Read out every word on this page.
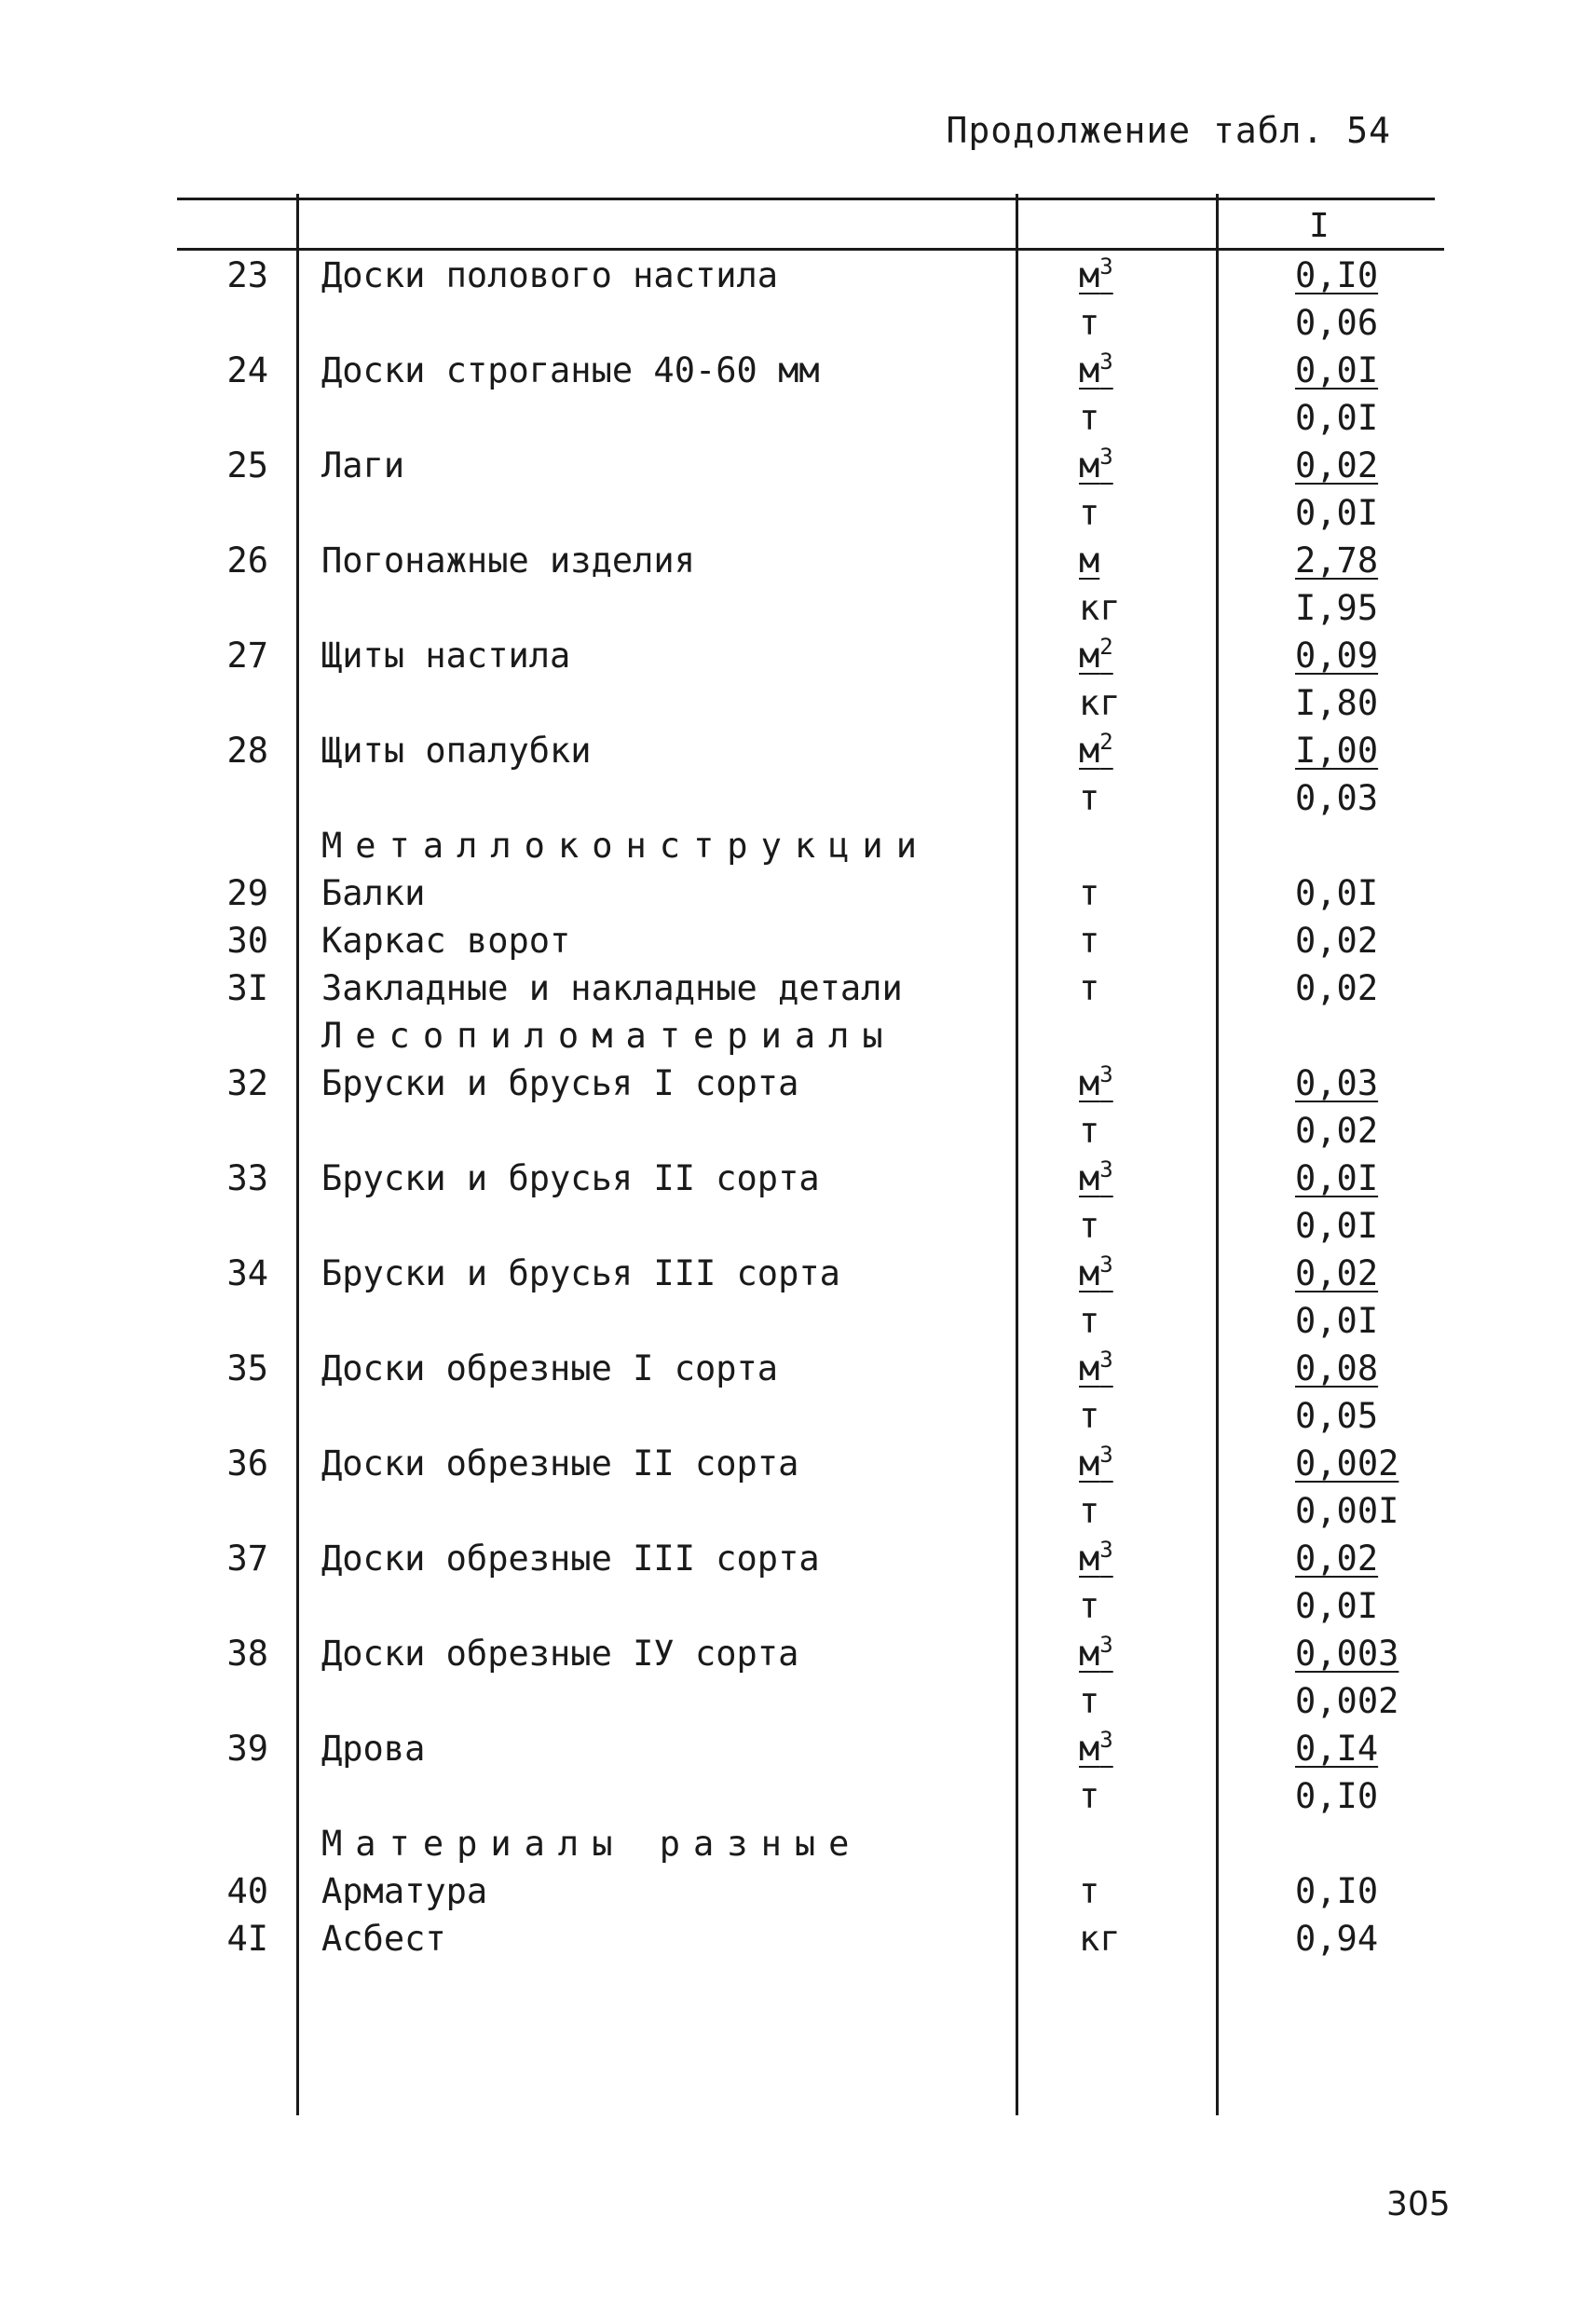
Продолжение табл. 54
I
23 Доски полового настила	$м^3$	0,I0
т	0,06
24 Доски строганые 40-60 мм	$м^3$	0,0I
т	0,0I
25 Лаги	$м^3$	0,02
т	0,0I
26 Погонажные изделия	м	2,78
кг	I,95
27 Щиты настила	$м^2$	0,09
кг	I,80
28 Щиты опалубки	$м^2$	I,00
т	0,03
Металлоконструкции
29 Балки	т	0,0I
30 Каркас ворот	т	0,02
3I Закладные и накладные детали	т	0,02
Лесопиломатериалы
32 Бруски и брусья I сорта	$м^3$	0,03
т	0,02
33 Бруски и брусья II сорта	$м^3$	0,0I
т	0,0I
34 Бруски и брусья III сорта	$м^3$	0,02
т	0,0I
35 Доски обрезные I сорта	$м^3$	0,08
т	0,05
36 Доски обрезные II сорта	$м^3$	0,002
т	0,00I
37 Доски обрезные III сорта	$м^3$	0,02
т	0,0I
38 Доски обрезные IУ сорта	$м^3$	0,003
т	0,002
39 Дрова	$м^3$	0,I4
т	0,I0
Материалы разные
40 Арматура	т	0,I0
4I Асбест	кг	0,94
305
